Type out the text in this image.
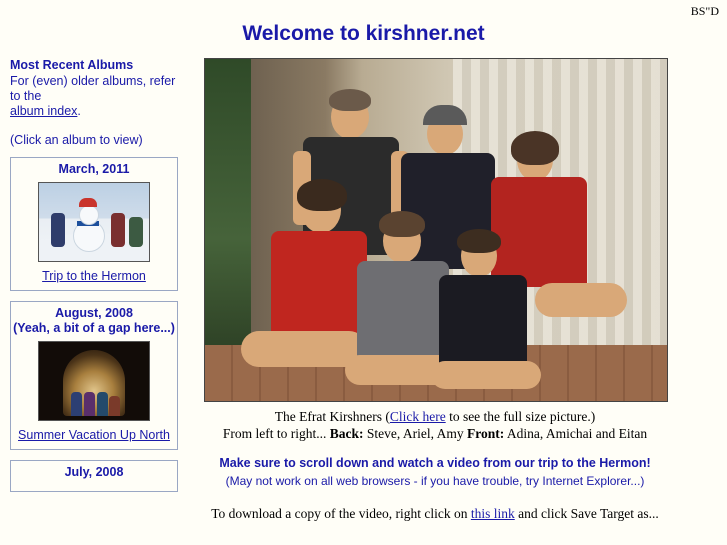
BS"D
Welcome to kirshner.net
Most Recent Albums
For (even) older albums, refer
to the
album index.
(Click an album to view)
March, 2011
Trip to the Hermon
August, 2008
(Yeah, a bit of a gap here...)
Summer Vacation Up North
July, 2008
The Efrat Kirshners (Click here to see the full size picture.)
From left to right... Back: Steve, Ariel, Amy Front: Adina, Amichai and Eitan
Make sure to scroll down and watch a video from our trip to the Hermon!
(May not work on all web browsers - if you have trouble, try Internet Explorer...)
To download a copy of the video, right click on this link and click Save Target as...
